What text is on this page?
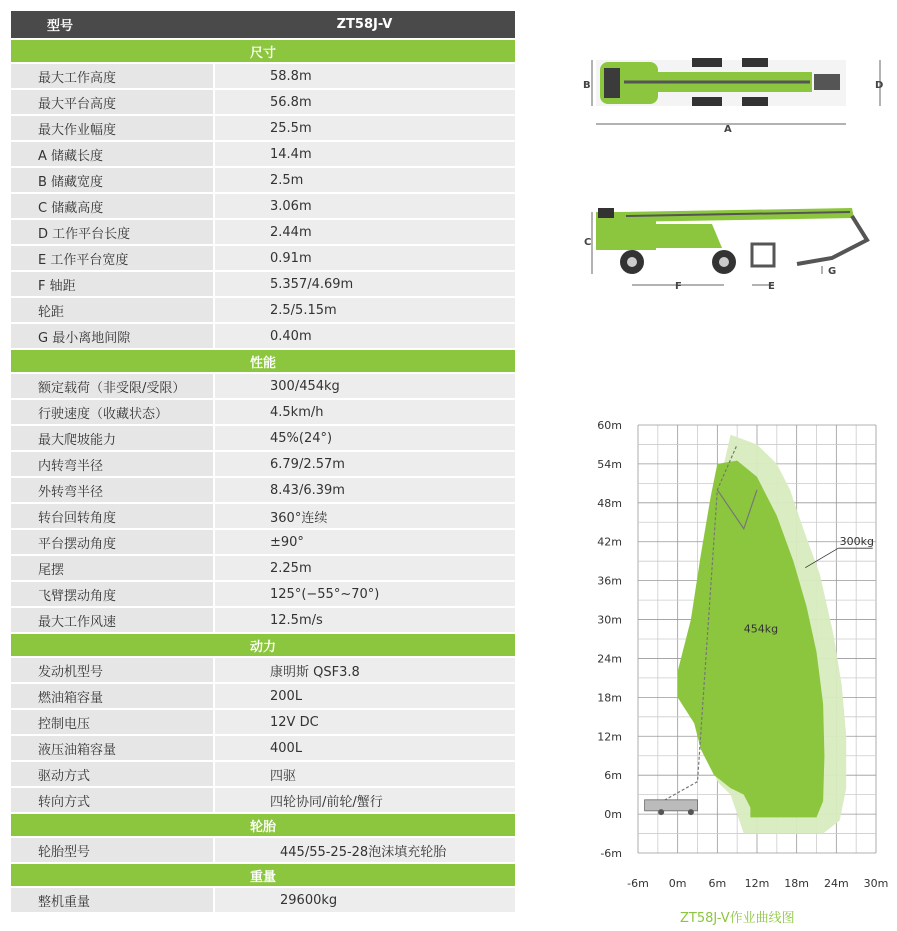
型号	ZT58J-V
尺寸	
最大工作高度	58.8m
最大平台高度	56.8m
最大作业幅度	25.5m
A 储藏长度	14.4m
B 储藏宽度	2.5m
C 储藏高度	3.06m
D 工作平台长度	2.44m
E 工作平台宽度	0.91m
F 轴距	5.357/4.69m
轮距	2.5/5.15m
G 最小离地间隙	0.40m
性能	
额定载荷（非受限/受限）	300/454kg
行驶速度（收藏状态）	4.5km/h
最大爬坡能力	45%(24°)
内转弯半径	6.79/2.57m
外转弯半径	8.43/6.39m
转台回转角度	360°连续
平台摆动角度	±90°
尾摆	2.25m
飞臂摆动角度	125°(−55°~70°)
最大工作风速	12.5m/s
动力	
发动机型号	康明斯 QSF3.8
燃油箱容量	200L
控制电压	12V DC
液压油箱容量	400L
驱动方式	四驱
转向方式	四轮协同/前轮/蟹行
轮胎	
轮胎型号	445/55-25-28泡沫填充轮胎
重量	
整机重量	29600kg
B	D
A
C
F	E
G
60m
54m
48m
42m
36m
30m
24m
18m
12m
6m
0m
-6m
-6m 0m 6m 12m 18m 24m 30m
454kg
300kg
ZT58J-V作业曲线图
